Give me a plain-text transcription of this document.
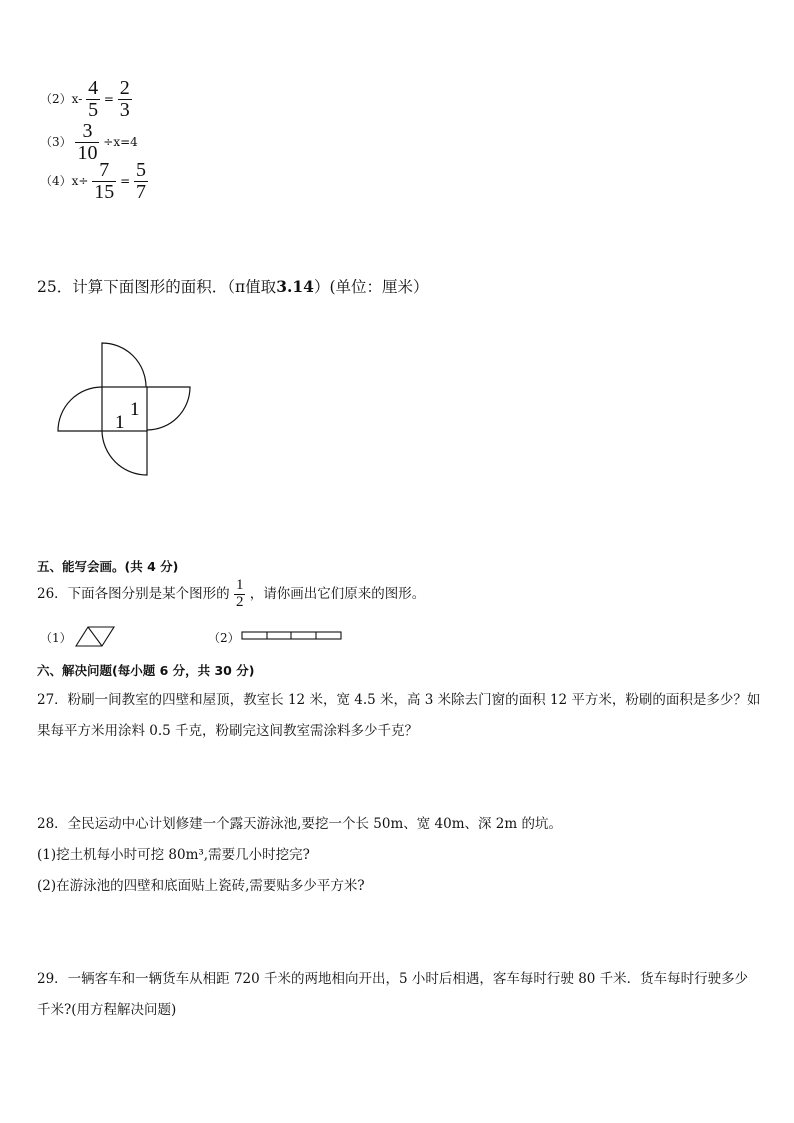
$(2)x- \frac{4}{5} = \frac{2}{3}$
$(3) \frac{3}{10} \div x=4$
$(4)x\div \frac{7}{15} = \frac{5}{7}$
25．计算下面图形的面积．（π值取3.14）(单位：厘米）
1
1
五、能写会画。(共 4 分)
26．下面各图分别是某个图形的 $\frac{1}{2}$ ，请你画出它们原来的图形。
（1）	（2）
六、解决问题(每小题 6 分，共 30 分)
27．粉刷一间教室的四壁和屋顶，教室长 12 米，宽 4.5 米，高 3 米除去门窗的面积 12 平方米，粉刷的面积是多少？如
果每平方米用涂料 0.5 千克，粉刷完这间教室需涂料多少千克？
28．全民运动中心计划修建一个露天游泳池,要挖一个长 50m、宽 40m、深 2m 的坑。
(1)挖土机每小时可挖 80m³,需要几小时挖完?
(2)在游泳池的四壁和底面贴上瓷砖,需要贴多少平方米?
29．一辆客车和一辆货车从相距 720 千米的两地相向开出，5 小时后相遇，客车每时行驶 80 千米．货车每时行驶多少
千米?(用方程解决问题)
